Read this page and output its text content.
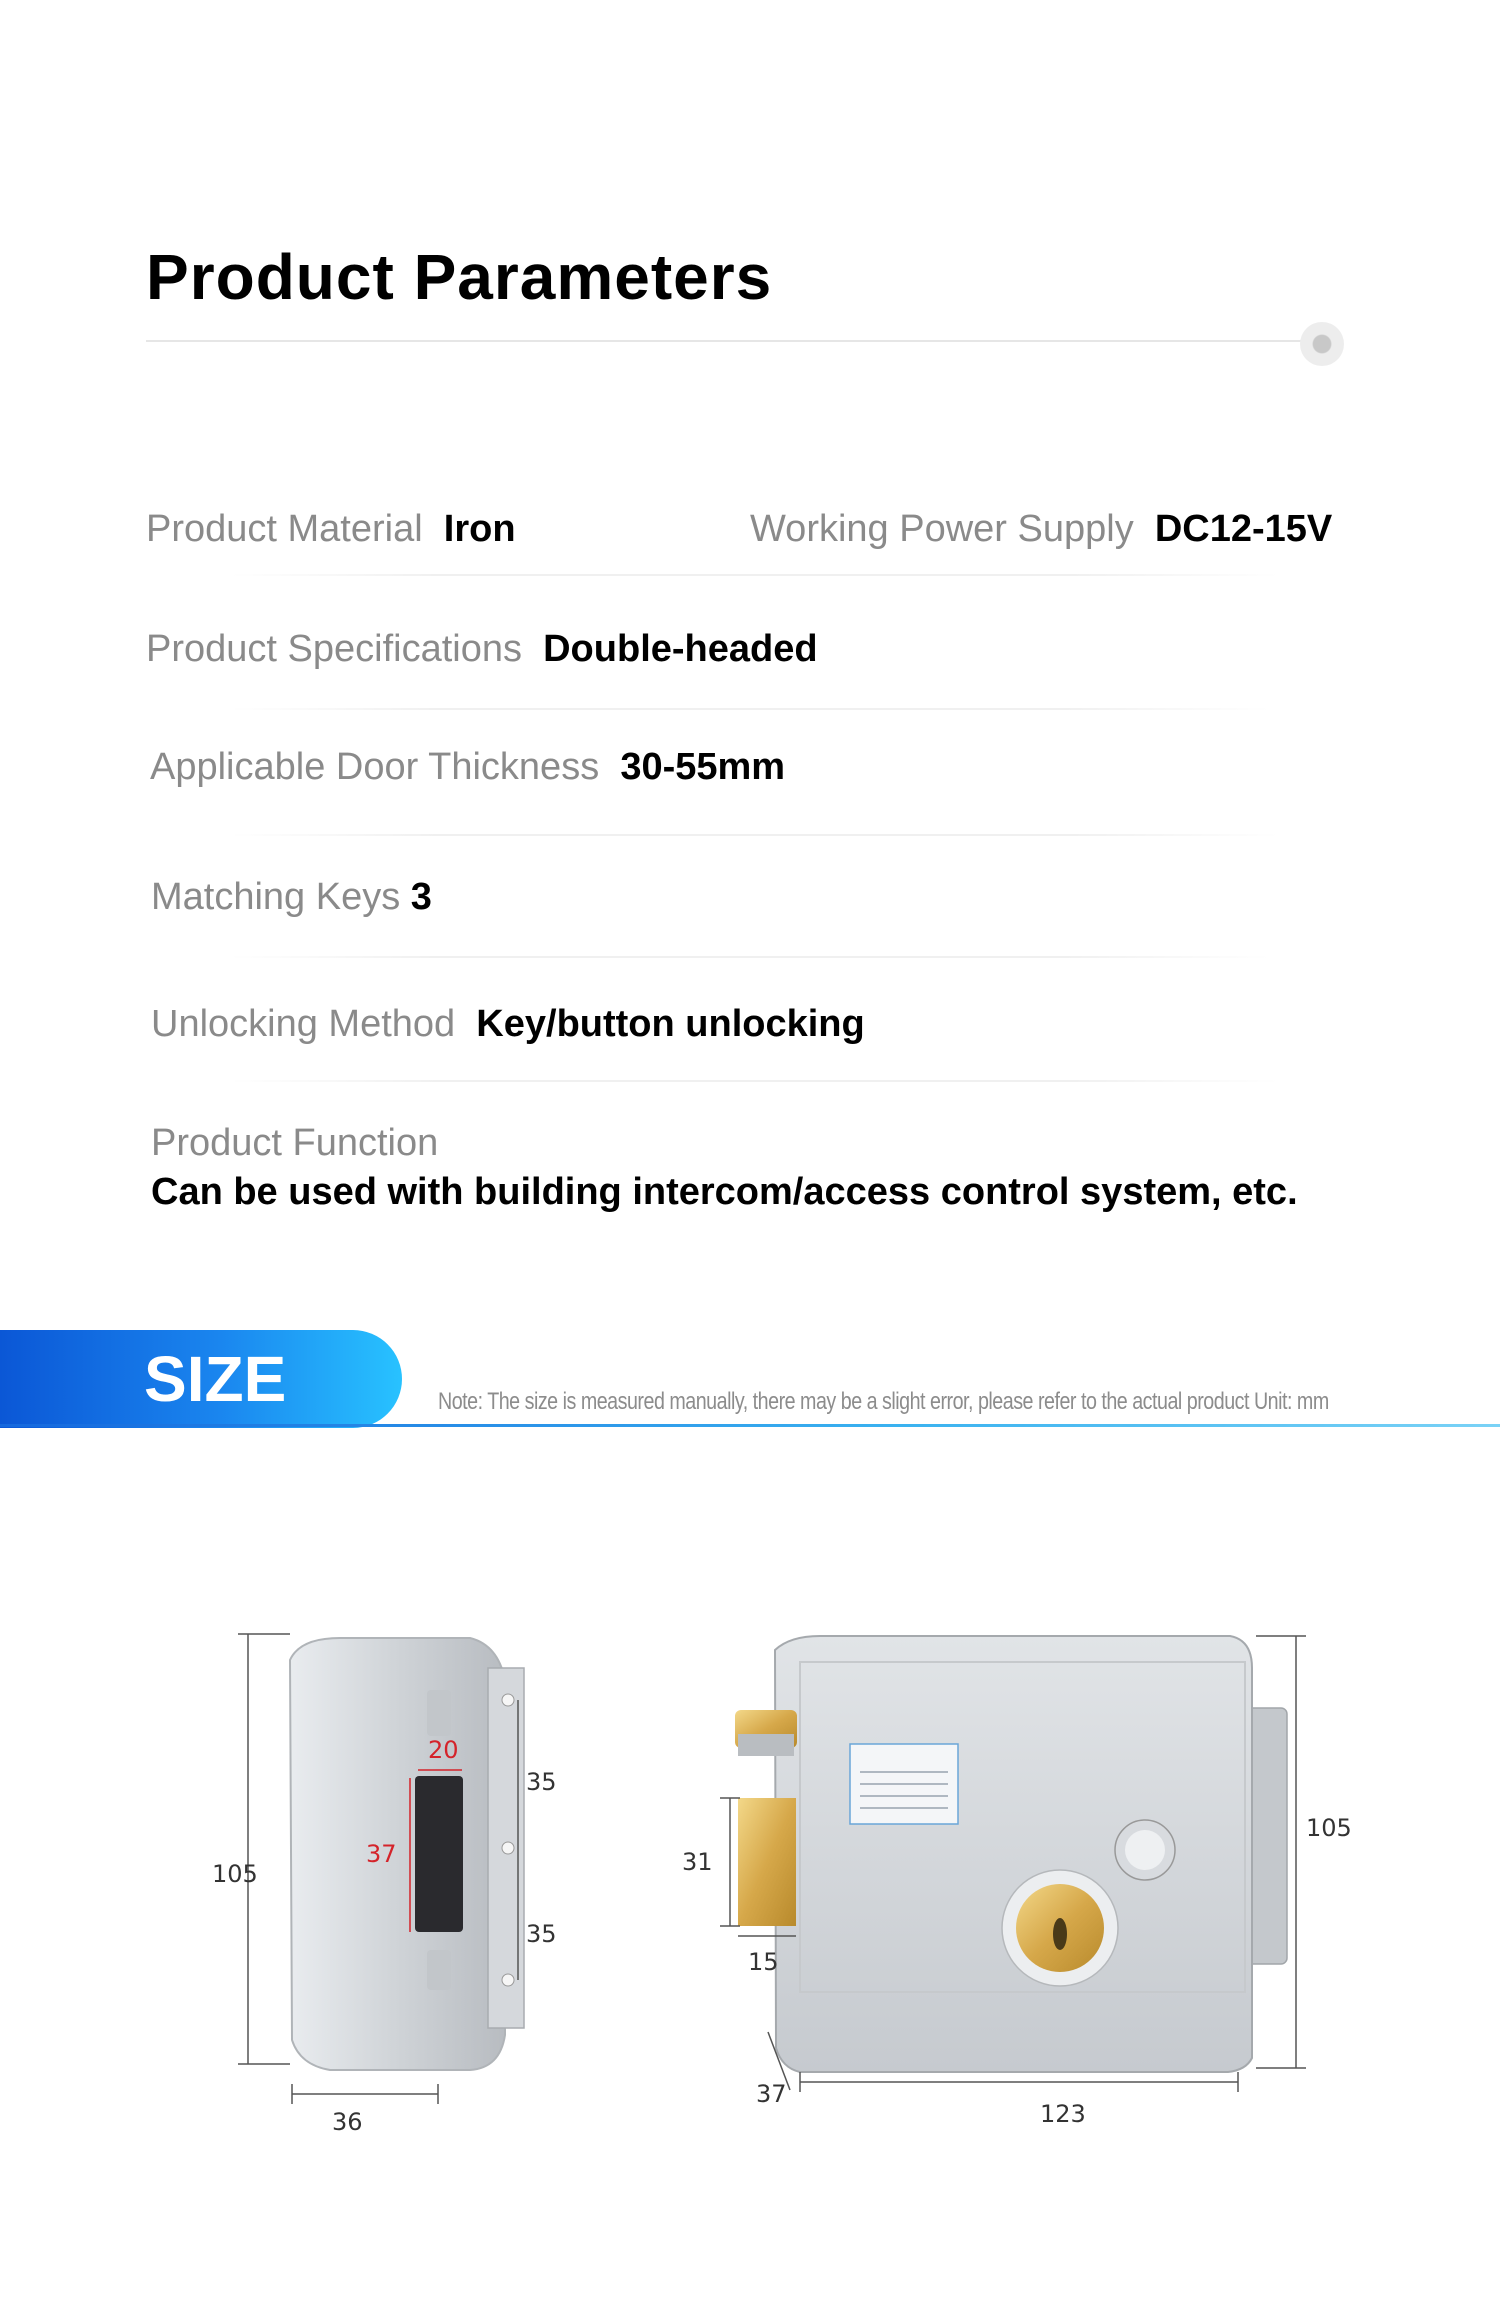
Product Parameters
Product Material Iron	Working Power Supply DC12-15V
Product Specifications Double-headed
Applicable Door Thickness 30-55mm
Matching Keys 3
Unlocking Method Key/button unlocking
Product Function
Can be used with building intercom/access control system, etc.
SIZE	Note: The size is measured manually, there may be a slight error, please refer to the actual product Unit: mm
105
36
20
37
35
35
105
123
31
15
37
